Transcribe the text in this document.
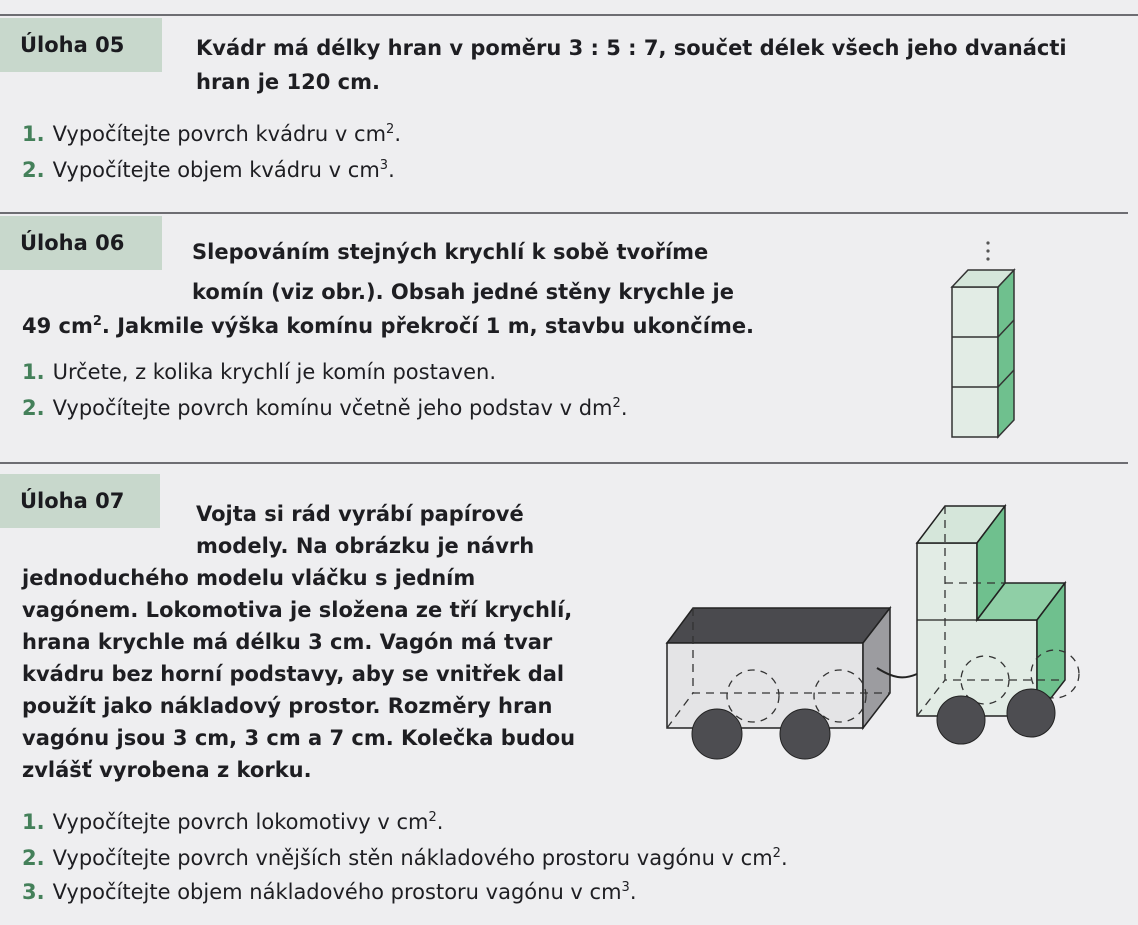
Úloha 05	Kvádr má délky hran v poměru 3 : 5 : 7, součet délek všech jeho dvanácti
hran je 120 cm.
1. Vypočítejte povrch kvádru v $cm^2$.
2. Vypočítejte objem kvádru v $cm^3$.
Úloha 06	Slepováním stejných krychlí k sobě tvoříme
komín (viz obr.). Obsah jedné stěny krychle je
49 $cm^2$. Jakmile výška komínu překročí 1 m, stavbu ukončíme.
1. Určete, z kolika krychlí je komín postaven.
2. Vypočítejte povrch komínu včetně jeho podstav v $dm^2$.
Úloha 07
Vojta si rád vyrábí papírové
modely. Na obrázku je návrh
jednoduchého modelu vláčku s jedním
vagónem. Lokomotiva je složena ze tří krychlí,
hrana krychle má délku 3 cm. Vagón má tvar
kvádru bez horní podstavy, aby se vnitřek dal
použít jako nákladový prostor. Rozměry hran
vagónu jsou 3 cm, 3 cm a 7 cm. Kolečka budou
zvlášť vyrobena z korku.
1. Vypočítejte povrch lokomotivy v $cm^2$.
2. Vypočítejte povrch vnějších stěn nákladového prostoru vagónu v $cm^2$.
3. Vypočítejte objem nákladového prostoru vagónu v $cm^3$.
